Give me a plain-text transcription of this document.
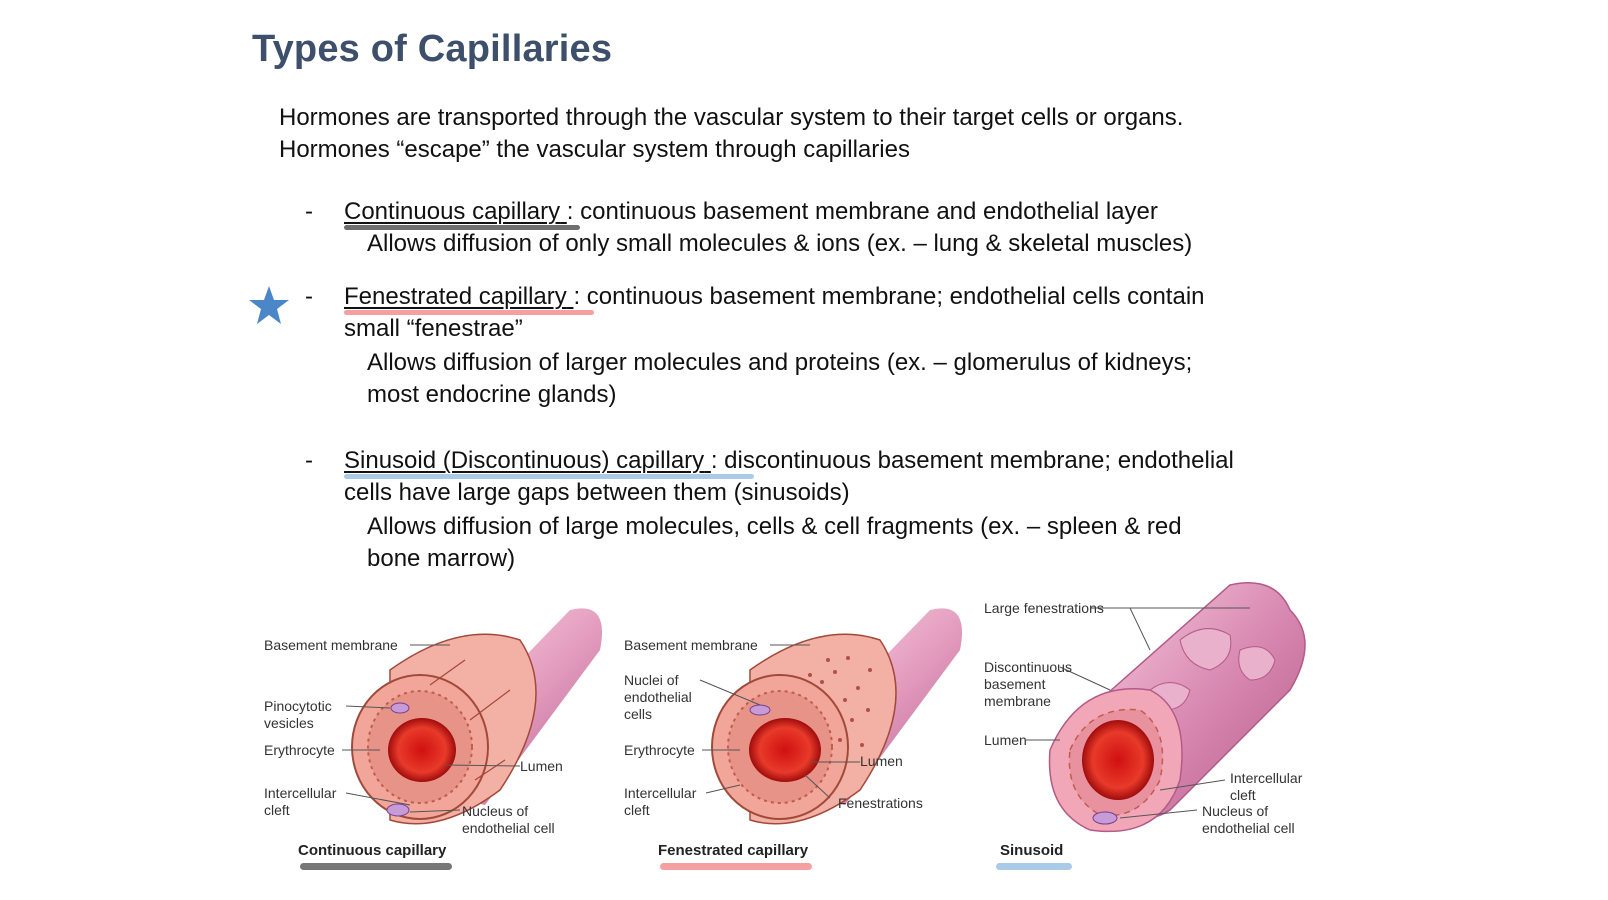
Types of Capillaries
Hormones are transported through the vascular system to their target cells or organs.
Hormones “escape” the vascular system through capillaries
-	Continuous capillary : continuous basement membrane and endothelial layer
Allows diffusion of only small molecules & ions (ex. – lung & skeletal muscles)
-	Fenestrated capillary : continuous basement membrane; endothelial cells contain
small “fenestrae”
Allows diffusion of larger molecules and proteins (ex. – glomerulus of kidneys;
most endocrine glands)
-	Sinusoid (Discontinuous) capillary : discontinuous basement membrane; endothelial
cells have large gaps between them (sinusoids)
Allows diffusion of large molecules, cells & cell fragments (ex. – spleen & red
bone marrow)
Basement membrane
Pinocytotic
vesicles
Erythrocyte
Intercellular
cleft
Lumen
Nucleus of
endothelial cell
Continuous capillary
Basement membrane
Nuclei of
endothelial
cells
Erythrocyte
Intercellular
cleft
Lumen
Fenestrations
Fenestrated capillary
Large fenestrations
Discontinuous
basement
membrane
Lumen
Intercellular
cleft
Nucleus of
endothelial cell
Sinusoid
